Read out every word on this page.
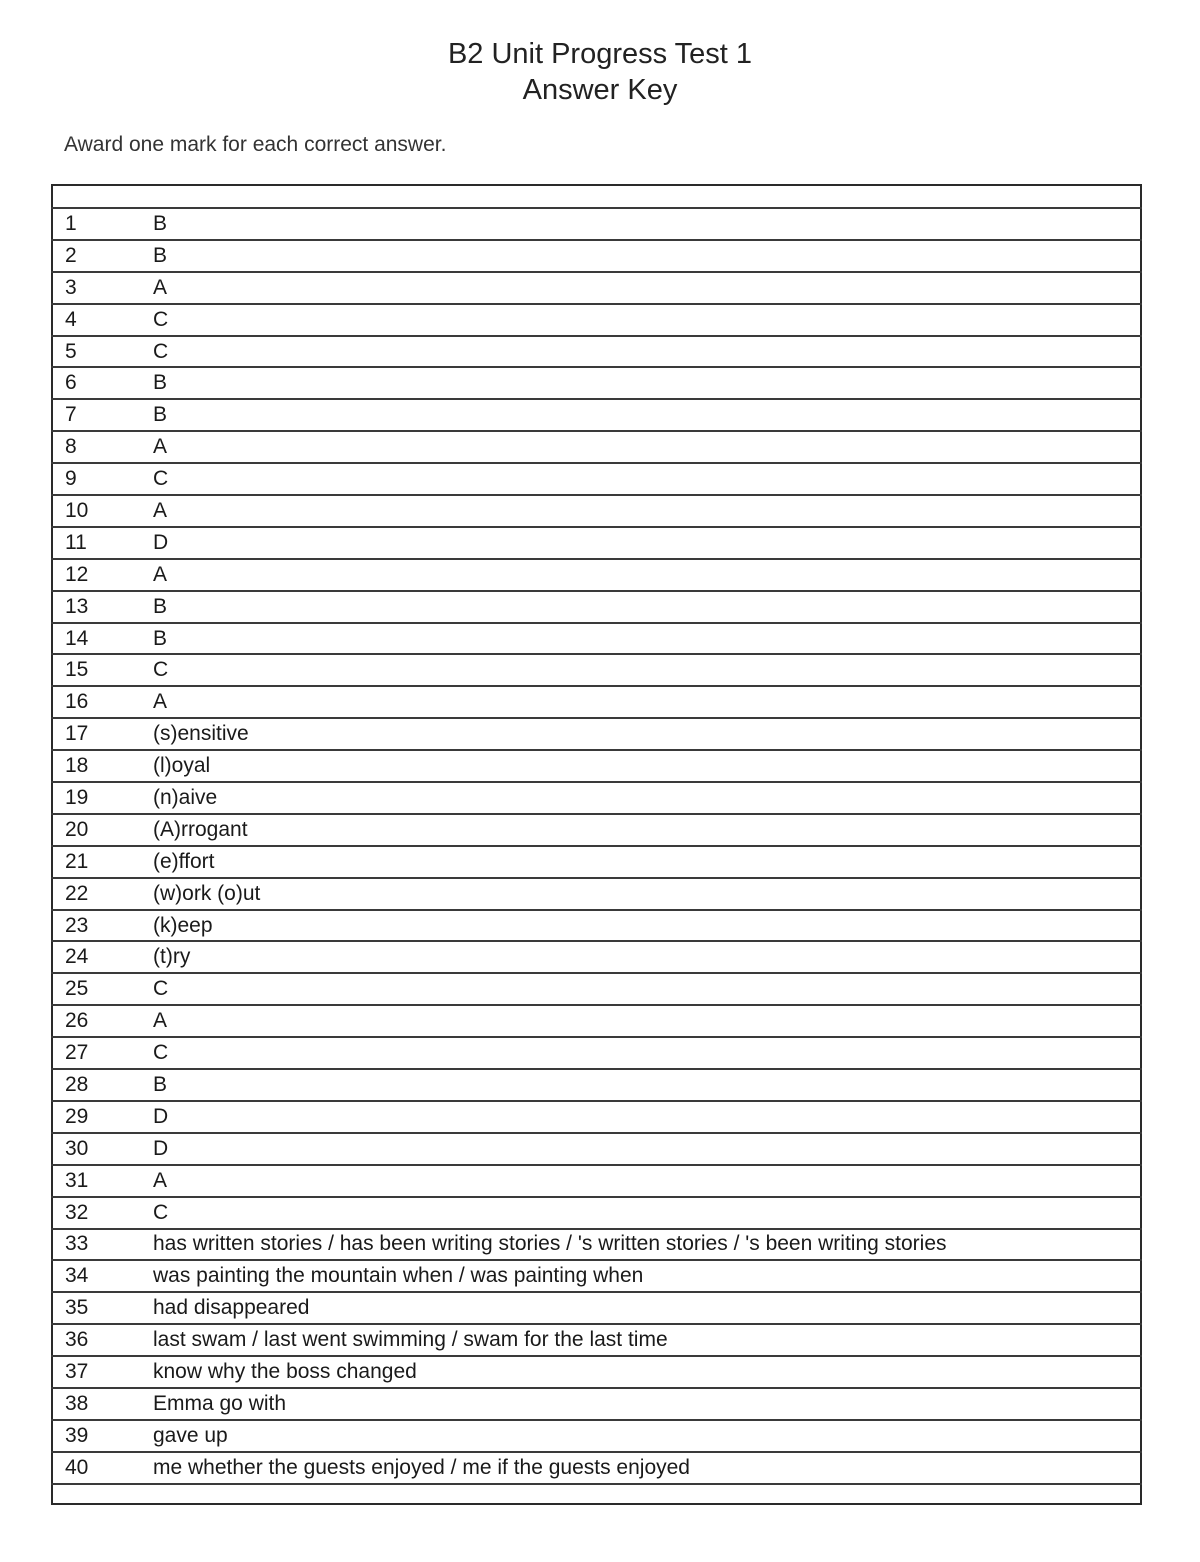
B2 Unit Progress Test 1
Answer Key
Award one mark for each correct answer.

1	B
2	B
3	A
4	C
5	C
6	B
7	B
8	A
9	C
10	A
11	D
12	A
13	B
14	B
15	C
16	A
17	(s)ensitive
18	(l)oyal
19	(n)aive
20	(A)rrogant
21	(e)ffort
22	(w)ork (o)ut
23	(k)eep
24	(t)ry
25	C
26	A
27	C
28	B
29	D
30	D
31	A
32	C
33	has written stories / has been writing stories / 's written stories / 's been writing stories
34	was painting the mountain when / was painting when
35	had disappeared
36	last swam / last went swimming / swam for the last time
37	know why the boss changed
38	Emma go with
39	gave up
40	me whether the guests enjoyed / me if the guests enjoyed
